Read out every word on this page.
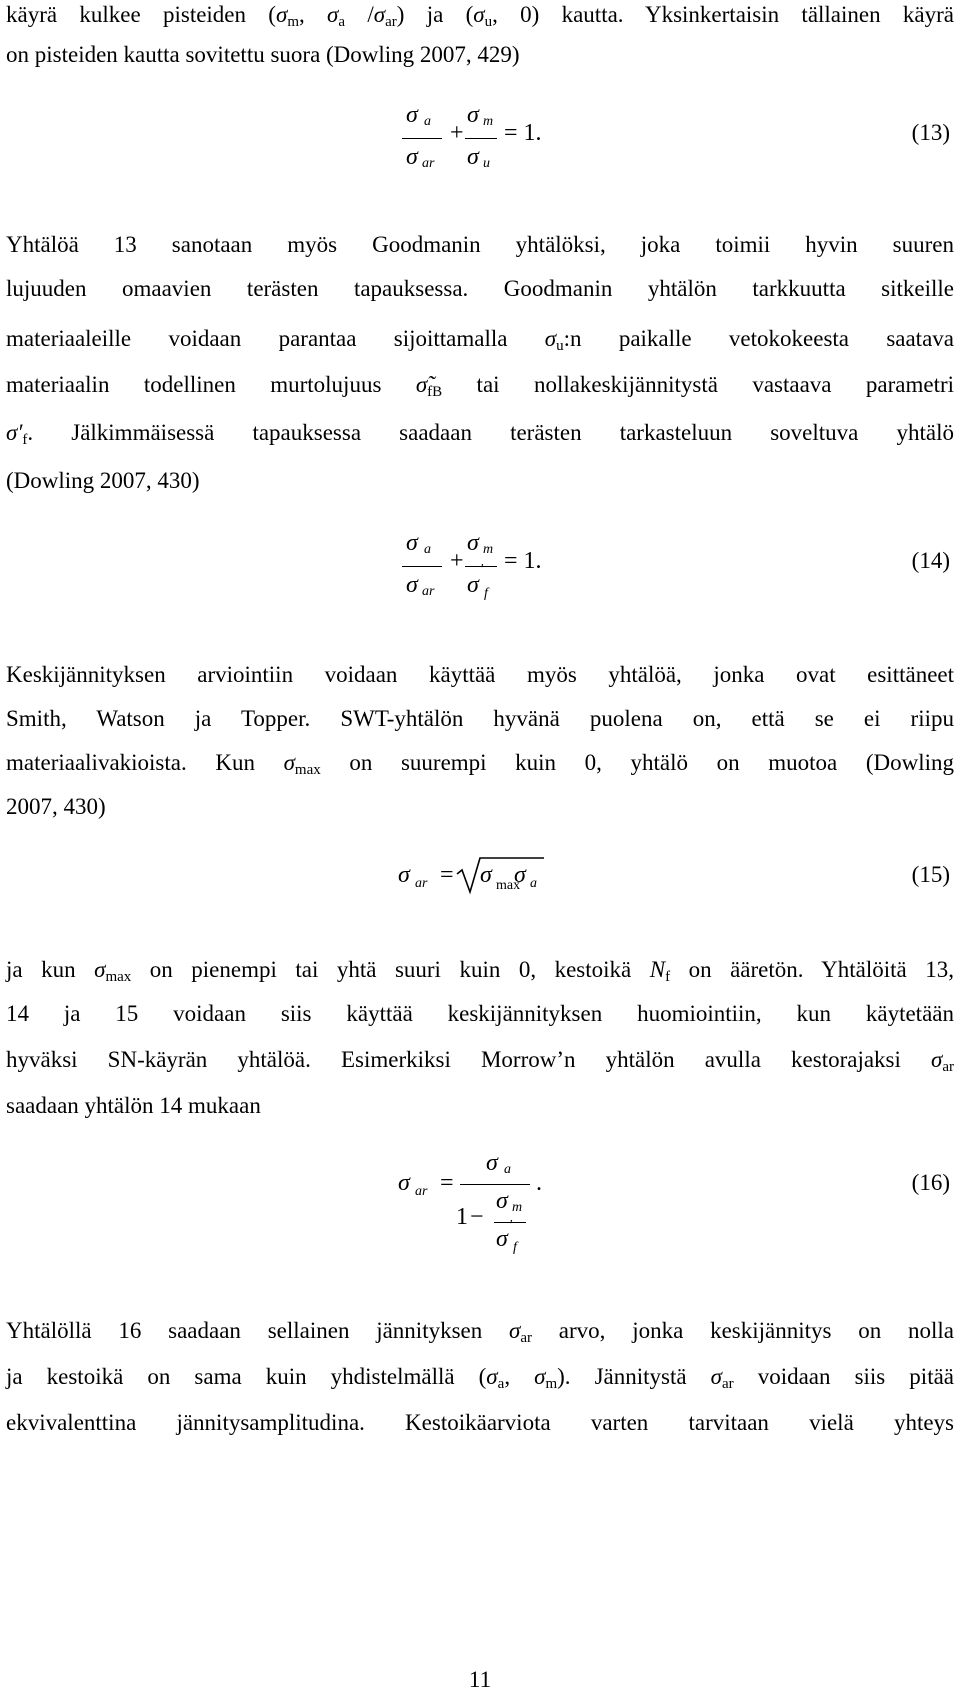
käyrä kulkee pisteiden ($\sigma_m$, $\sigma_a$ $/\sigma_{ar}$) ja ($\sigma_u$, 0) kautta. Yksinkertaisin tällainen käyrä
on pisteiden kautta sovitettu suora (Dowling 2007, 429)
σ a
σ ar
+
σ m
σ u
= 1.	(13)
Yhtälöä 13 sanotaan myös Goodmanin yhtälöksi, joka toimii hyvin suuren
lujuuden omaavien terästen tapauksessa. Goodmanin yhtälön tarkkuutta sitkeille
materiaaleille voidaan parantaa sijoittamalla $\sigma_u:n$ paikalle vetokokeesta saatava
materiaalin todellinen murtolujuus $\sigmã_{fB}$ tai nollakeskijännitystä vastaava parametri
$\sigma'_f$. Jälkimmäisessä tapauksessa saadaan terästen tarkasteluun soveltuva yhtälö
(Dowling 2007, 430)
σ a
σ ar
+
σ m
'
σ f
= 1.	(14)
Keskijännityksen arviointiin voidaan käyttää myös yhtälöä, jonka ovat esittäneet
Smith, Watson ja Topper. SWT-yhtälön hyvänä puolena on, että se ei riipu
materiaalivakioista. Kun $\sigma_{max}$ on suurempi kuin 0, yhtälö on muotoa (Dowling
2007, 430)
σ ar = σ max
σ a	(15)
ja kun $\sigma_{max}$ on pienempi tai yhtä suuri kuin 0, kestoikä $N_f$ on ääretön. Yhtälöitä 13,
14 ja 15 voidaan siis käyttää keskijännityksen huomiointiin, kun käytetään
hyväksi SN-käyrän yhtälöä. Esimerkiksi Morrow’n yhtälön avulla kestorajaksi $\sigma_{ar}$
saadaan yhtälön 14 mukaan
σ ar =
σ a
1 −
σ m
'
σ f
.	(16)
Yhtälöllä 16 saadaan sellainen jännityksen $\sigma_{ar}$ arvo, jonka keskijännitys on nolla
ja kestoikä on sama kuin yhdistelmällä ($\sigma_a$, $\sigma_m$). Jännitystä $\sigma_{ar}$ voidaan siis pitää
ekvivalenttina jännitysamplitudina. Kestoikäarviota varten tarvitaan vielä yhteys
11
